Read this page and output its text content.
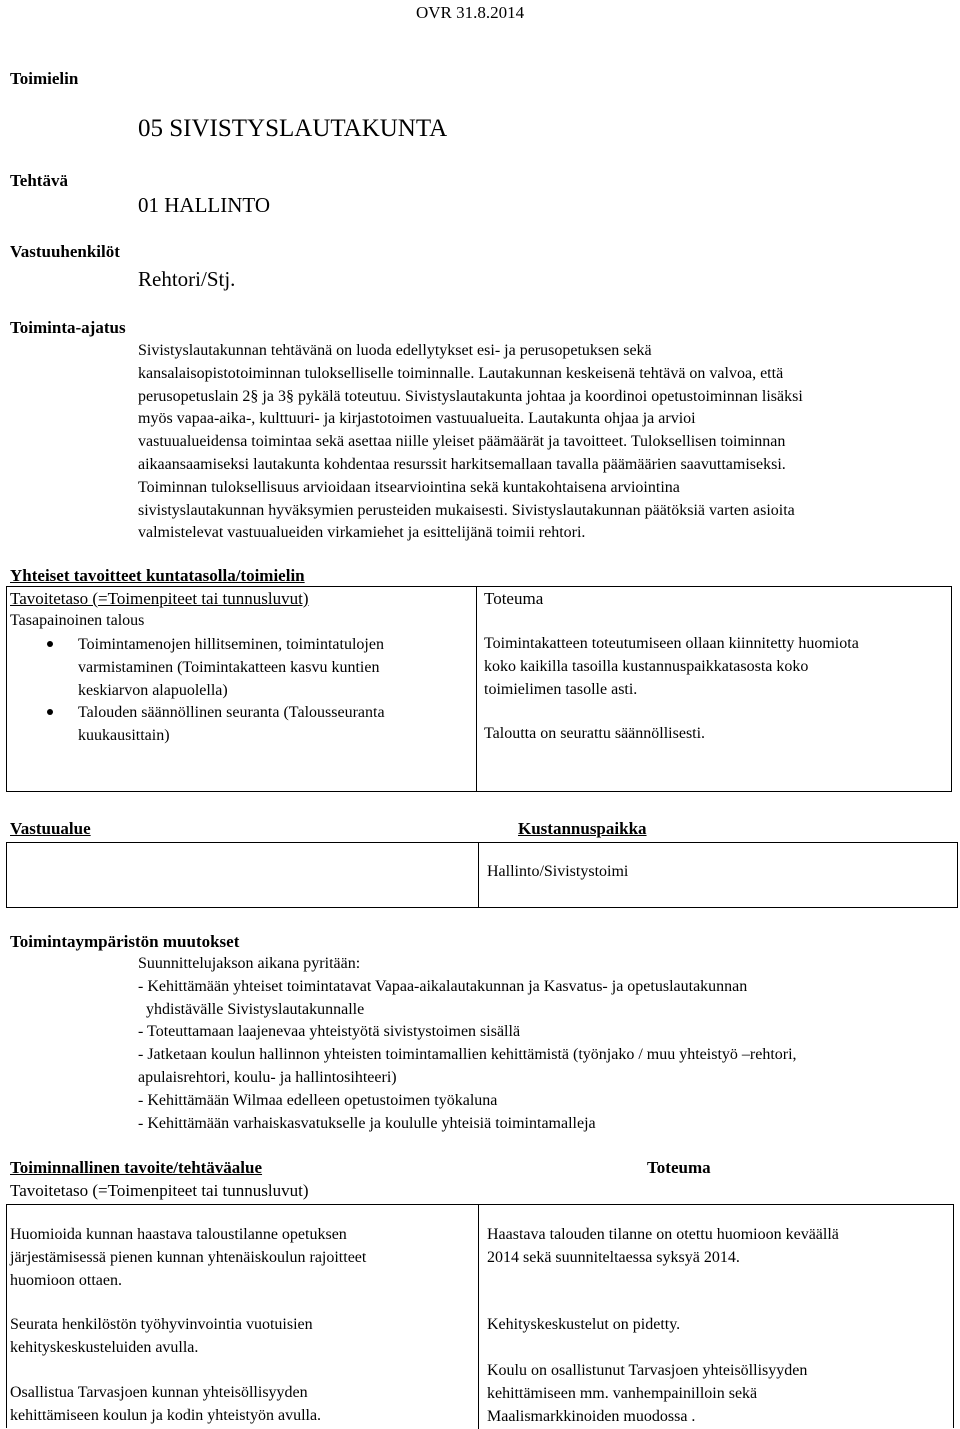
OVR 31.8.2014
Toimielin
05 SIVISTYSLAUTAKUNTA
Tehtävä
01 HALLINTO
Vastuuhenkilöt
Rehtori/Stj.
Toiminta-ajatus
Sivistyslautakunnan tehtävänä on luoda edellytykset esi- ja perusopetuksen sekä
kansalaisopistotoiminnan tulokselliselle toiminnalle. Lautakunnan keskeisenä tehtävä on valvoa, että
perusopetuslain 2§ ja 3§ pykälä toteutuu. Sivistyslautakunta johtaa ja koordinoi opetustoiminnan lisäksi
myös vapaa-aika-, kulttuuri- ja kirjastotoimen vastuualueita. Lautakunta ohjaa ja arvioi
vastuualueidensa toimintaa sekä asettaa niille yleiset päämäärät ja tavoitteet. Tuloksellisen toiminnan
aikaansaamiseksi lautakunta kohdentaa resurssit harkitsemallaan tavalla päämäärien saavuttamiseksi.
Toiminnan tuloksellisuus arvioidaan itsearviointina sekä kuntakohtaisena arviointina
sivistyslautakunnan hyväksymien perusteiden mukaisesti. Sivistyslautakunnan päätöksiä varten asioita
valmistelevat vastuualueiden virkamiehet ja esittelijänä toimii rehtori.
Yhteiset tavoitteet kuntatasolla/toimielin
Tavoitetaso (=Toimenpiteet tai tunnusluvut)
Tasapainoinen talous
Toimintamenojen hillitseminen, toimintatulojen
varmistaminen (Toimintakatteen kasvu kuntien
keskiarvon alapuolella)
Talouden säännöllinen seuranta (Talousseuranta
kuukausittain)
Toteuma
Toimintakatteen toteutumiseen ollaan kiinnitetty huomiota
koko kaikilla tasoilla kustannuspaikkatasosta koko
toimielimen tasolle asti.
Taloutta on seurattu säännöllisesti.
Vastuualue	Kustannuspaikka
Hallinto/Sivistystoimi
Toimintaympäristön muutokset
Suunnittelujakson aikana pyritään:
- Kehittämään yhteiset toimintatavat Vapaa-aikalautakunnan ja Kasvatus- ja opetuslautakunnan
yhdistävälle Sivistyslautakunnalle
- Toteuttamaan laajenevaa yhteistyötä sivistystoimen sisällä
- Jatketaan koulun hallinnon yhteisten toimintamallien kehittämistä (työnjako / muu yhteistyö –rehtori,
apulaisrehtori, koulu- ja hallintosihteeri)
- Kehittämään Wilmaa edelleen opetustoimen työkaluna
- Kehittämään varhaiskasvatukselle ja koululle yhteisiä toimintamalleja
Toiminnallinen tavoite/tehtäväalue	Toteuma
Tavoitetaso (=Toimenpiteet tai tunnusluvut)
Huomioida kunnan haastava taloustilanne opetuksen
järjestämisessä pienen kunnan yhtenäiskoulun rajoitteet
huomioon ottaen.
Seurata henkilöstön työhyvinvointia vuotuisien
kehityskeskusteluiden avulla.
Osallistua Tarvasjoen kunnan yhteisöllisyyden
kehittämiseen koulun ja kodin yhteistyön avulla.
Haastava talouden tilanne on otettu huomioon keväällä
2014 sekä suunniteltaessa syksyä 2014.
Kehityskeskustelut on pidetty.
Koulu on osallistunut Tarvasjoen yhteisöllisyyden
kehittämiseen mm. vanhempainilloin sekä
Maalismarkkinoiden muodossa .
